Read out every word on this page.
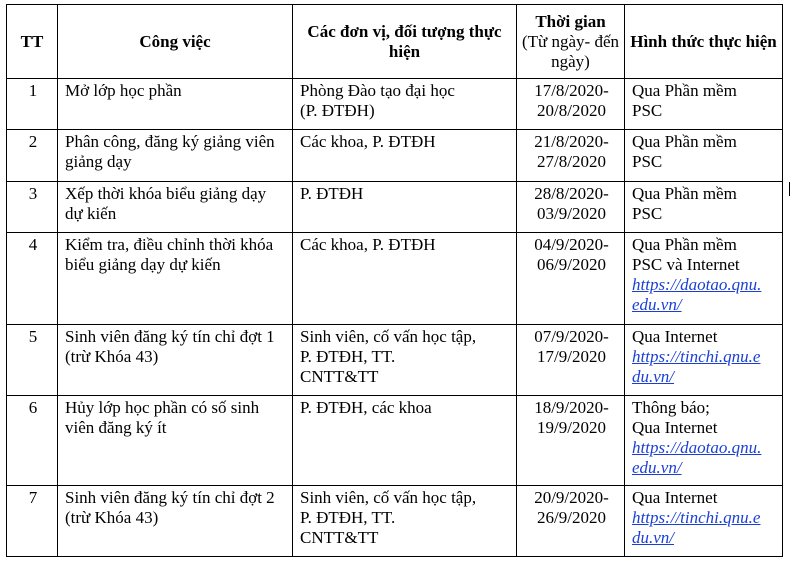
TT	Công việc	Các đơn vị, đối tượng thực hiện	Thời gian
(Từ ngày- đến ngày)	Hình thức thực hiện
1	Mở lớp học phần	Phòng Đào tạo đại học
(P. ĐTĐH)	17/8/2020-
20/8/2020	Qua Phần mềm
PSC

2	Phân công, đăng ký giảng viên giảng dạy	Các khoa, P. ĐTĐH	21/8/2020-
27/8/2020	Qua Phần mềm
PSC

3	Xếp thời khóa biểu giảng dạy dự kiến	P. ĐTĐH	28/8/2020-
03/9/2020	Qua Phần mềm
PSC

4	Kiểm tra, điều chỉnh thời khóa biểu giảng dạy dự kiến	Các khoa, P. ĐTĐH	04/9/2020-
06/9/2020	Qua Phần mềm
PSC và Internet
https://daotao.qnu.
edu.vn/

5	Sinh viên đăng ký tín chỉ đợt 1 (trừ Khóa 43)	Sinh viên, cố vấn học tập,
P. ĐTĐH, TT.
CNTT&TT	07/9/2020-
17/9/2020	Qua Internet
https://tinchi.qnu.e
du.vn/

6	Hủy lớp học phần có số sinh viên đăng ký ít	P. ĐTĐH, các khoa	18/9/2020-
19/9/2020	Thông báo;
Qua Internet
https://daotao.qnu.
edu.vn/

7	Sinh viên đăng ký tín chỉ đợt 2 (trừ Khóa 43)	Sinh viên, cố vấn học tập,
P. ĐTĐH, TT.
CNTT&TT	20/9/2020-
26/9/2020	Qua Internet
https://tinchi.qnu.e
du.vn/
